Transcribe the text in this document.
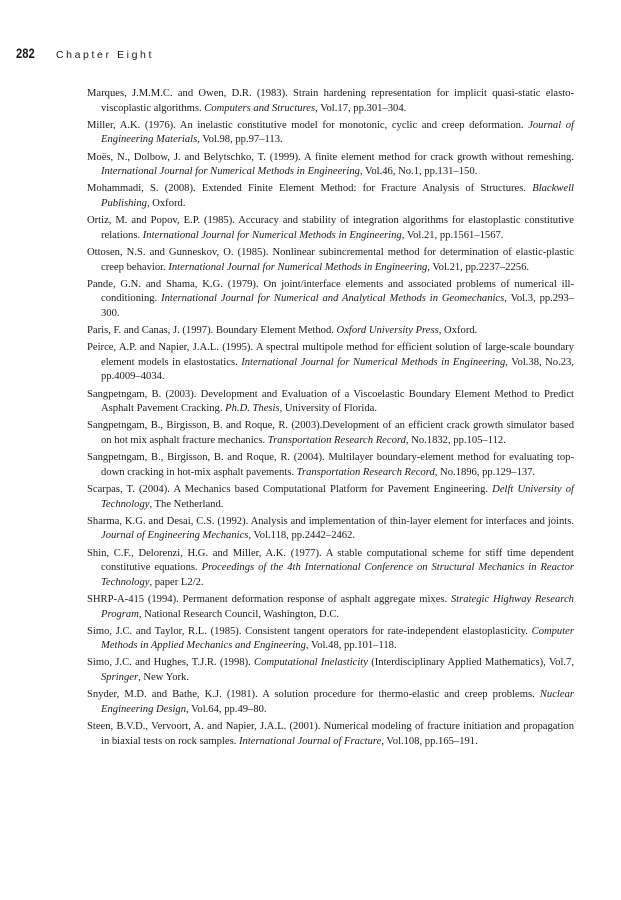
282 Chapter Eight
Marques, J.M.M.C. and Owen, D.R. (1983). Strain hardening representation for implicit quasi-static elasto-viscoplastic algorithms. Computers and Structures, Vol.17, pp.301–304.
Miller, A.K. (1976). An inelastic constitutive model for monotonic, cyclic and creep deformation. Journal of Engineering Materials, Vol.98, pp.97–113.
Moës, N., Dolbow, J. and Belytschko, T. (1999). A finite element method for crack growth without remeshing. International Journal for Numerical Methods in Engineering, Vol.46, No.1, pp.131–150.
Mohammadi, S. (2008). Extended Finite Element Method: for Fracture Analysis of Structures. Blackwell Publishing, Oxford.
Ortiz, M. and Popov, E.P. (1985). Accuracy and stability of integration algorithms for elastoplastic constitutive relations. International Journal for Numerical Methods in Engineering, Vol.21, pp.1561–1567.
Ottosen, N.S. and Gunneskov, O. (1985). Nonlinear subincremental method for determination of elastic-plastic creep behavior. International Journal for Numerical Methods in Engineering, Vol.21, pp.2237–2256.
Pande, G.N. and Shama, K.G. (1979). On joint/interface elements and associated problems of numerical ill-conditioning. International Journal for Numerical and Analytical Methods in Geomechanics, Vol.3, pp.293–300.
Paris, F. and Canas, J. (1997). Boundary Element Method. Oxford University Press, Oxford.
Peirce, A.P. and Napier, J.A.L. (1995). A spectral multipole method for efficient solution of large-scale boundary element models in elastostatics. International Journal for Numerical Methods in Engineering, Vol.38, No.23, pp.4009–4034.
Sangpetngam, B. (2003). Development and Evaluation of a Viscoelastic Boundary Element Method to Predict Asphalt Pavement Cracking. Ph.D. Thesis, University of Florida.
Sangpetngam, B., Birgisson, B. and Roque, R. (2003).Development of an efficient crack growth simulator based on hot mix asphalt fracture mechanics. Transportation Research Record, No.1832, pp.105–112.
Sangpetngam, B., Birgisson, B. and Roque, R. (2004). Multilayer boundary-element method for evaluating top-down cracking in hot-mix asphalt pavements. Transportation Research Record, No.1896, pp.129–137.
Scarpas, T. (2004). A Mechanics based Computational Platform for Pavement Engineering. Delft University of Technology, The Netherland.
Sharma, K.G. and Desai, C.S. (1992). Analysis and implementation of thin-layer element for interfaces and joints. Journal of Engineering Mechanics, Vol.118, pp.2442–2462.
Shin, C.F., Delorenzi, H.G. and Miller, A.K. (1977). A stable computational scheme for stiff time dependent constitutive equations. Proceedings of the 4th International Conference on Structural Mechanics in Reactor Technology, paper L2/2.
SHRP-A-415 (1994). Permanent deformation response of asphalt aggregate mixes. Strategic Highway Research Program, National Research Council, Washington, D.C.
Simo, J.C. and Taylor, R.L. (1985). Consistent tangent operators for rate-independent elastoplasticity. Computer Methods in Applied Mechanics and Engineering, Vol.48, pp.101–118.
Simo, J.C. and Hughes, T.J.R. (1998). Computational Inelasticity (Interdisciplinary Applied Mathematics), Vol.7, Springer, New York.
Snyder, M.D. and Bathe, K.J. (1981). A solution procedure for thermo-elastic and creep problems. Nuclear Engineering Design, Vol.64, pp.49–80.
Steen, B.V.D., Vervoort, A. and Napier, J.A.L. (2001). Numerical modeling of fracture initiation and propagation in biaxial tests on rock samples. International Journal of Fracture, Vol.108, pp.165–191.
